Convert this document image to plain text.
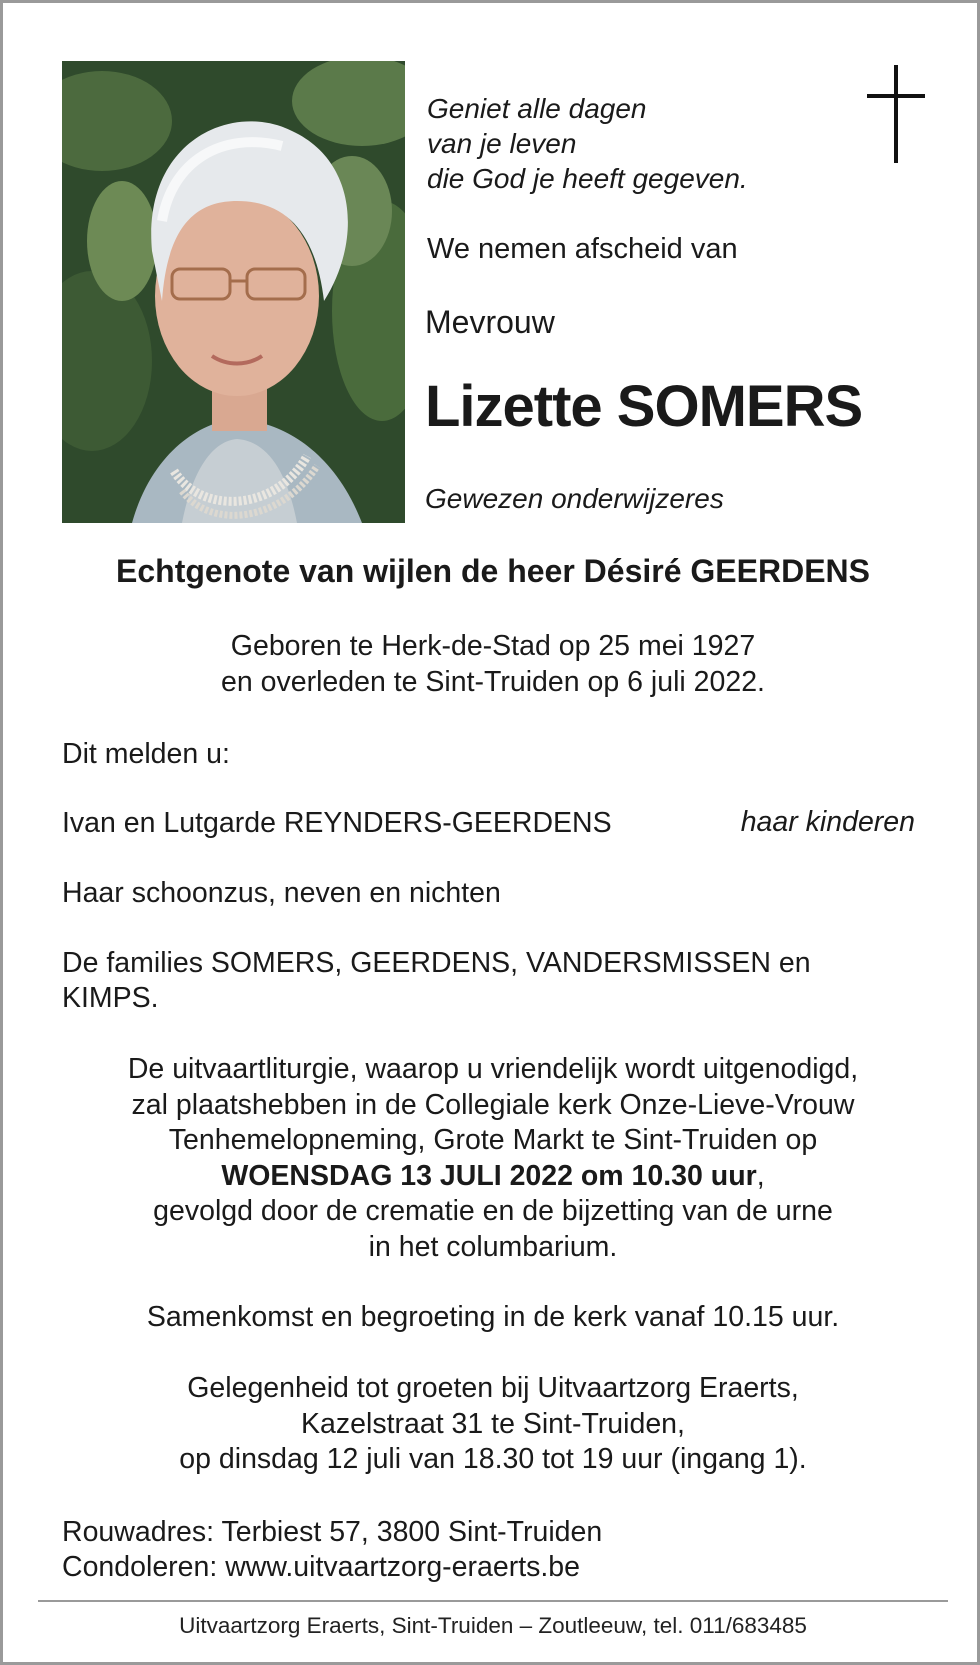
Geniet alle dagen
van je leven
die God je heeft gegeven.

We nemen afscheid van

Mevrouw

Lizette SOMERS

Gewezen onderwijzeres

Echtgenote van wijlen de heer Désiré GEERDENS

Geboren te Herk-de-Stad op 25 mei 1927
en overleden te Sint-Truiden op 6 juli 2022.

Dit melden u:

Ivan en Lutgarde REYNDERS-GEERDENS	haar kinderen

Haar schoonzus, neven en nichten

De families SOMERS, GEERDENS, VANDERSMISSEN en KIMPS.

De uitvaartliturgie, waarop u vriendelijk wordt uitgenodigd,
zal plaatshebben in de Collegiale kerk Onze-Lieve-Vrouw
Tenhemelopneming, Grote Markt te Sint-Truiden op
WOENSDAG 13 JULI 2022 om 10.30 uur,
gevolgd door de crematie en de bijzetting van de urne
in het columbarium.

Samenkomst en begroeting in de kerk vanaf 10.15 uur.

Gelegenheid tot groeten bij Uitvaartzorg Eraerts,
Kazelstraat 31 te Sint-Truiden,
op dinsdag 12 juli van 18.30 tot 19 uur (ingang 1).
Rouwadres: Terbiest 57, 3800 Sint-Truiden
Condoleren: www.uitvaartzorg-eraerts.be

Uitvaartzorg Eraerts, Sint-Truiden – Zoutleeuw, tel. 011/683485
